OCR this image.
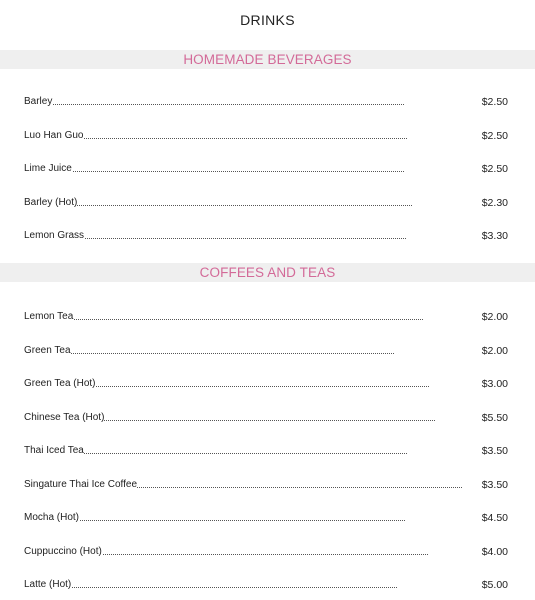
DRINKS
HOMEMADE BEVERAGES
Barley	$2.50
Luo Han Guo	$2.50
Lime Juice	$2.50
Barley (Hot)	$2.30
Lemon Grass	$3.30
COFFEES AND TEAS
Lemon Tea	$2.00
Green Tea	$2.00
Green Tea (Hot)	$3.00
Chinese Tea (Hot)	$5.50
Thai Iced Tea	$3.50
Singature Thai Ice Coffee	$3.50
Mocha (Hot)	$4.50
Cuppuccino (Hot)	$4.00
Latte (Hot)	$5.00
